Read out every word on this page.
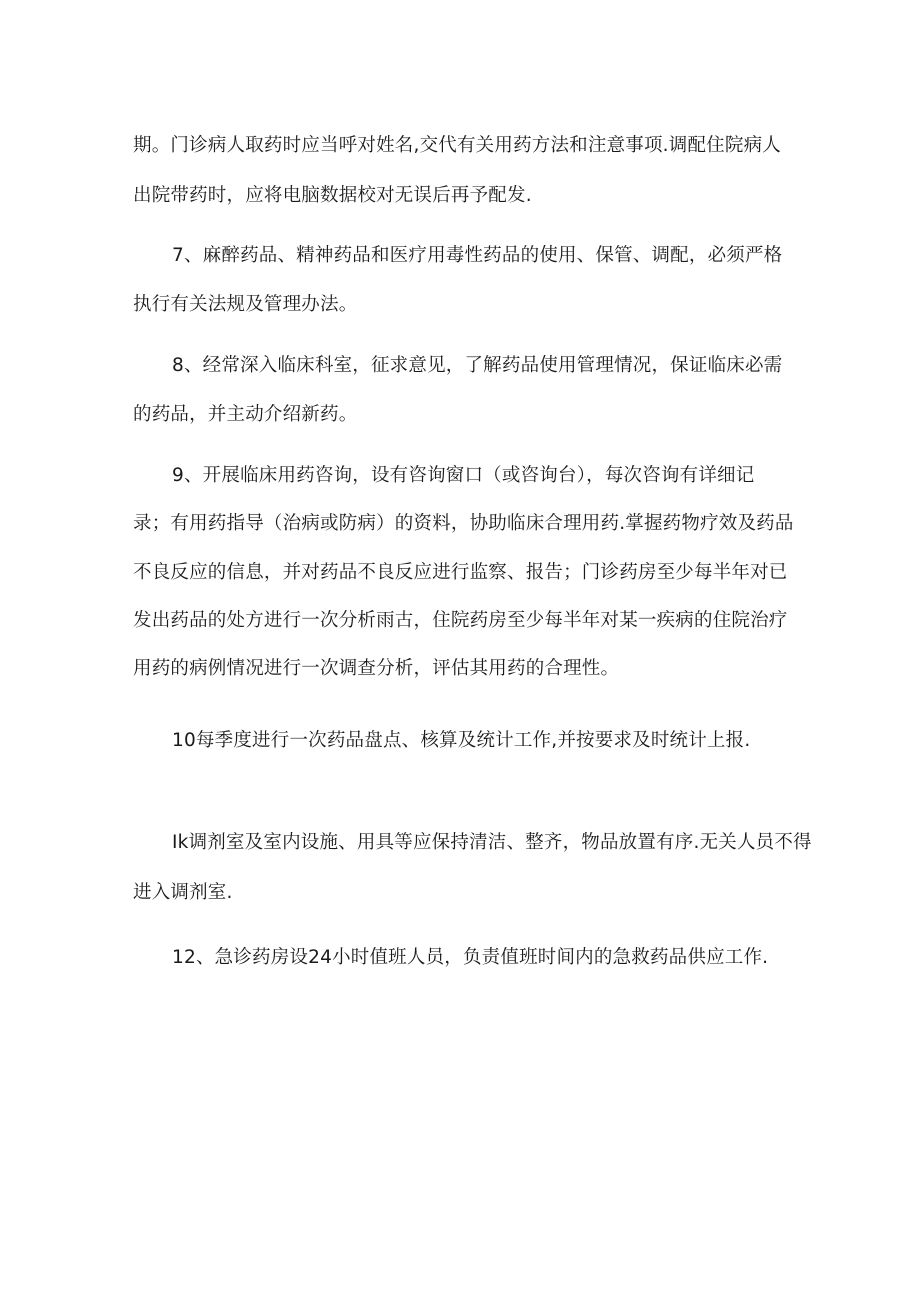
期。门诊病人取药时应当呼对姓名,交代有关用药方法和注意事项.调配住院病人
出院带药时，应将电脑数据校对无误后再予配发.
7、麻醉药品、精神药品和医疗用毒性药品的使用、保管、调配，必须严格
执行有关法规及管理办法。
8、经常深入临床科室，征求意见，了解药品使用管理情况，保证临床必需
的药品，并主动介绍新药。
9、开展临床用药咨询，设有咨询窗口（或咨询台），每次咨询有详细记
录；有用药指导（治病或防病）的资料，协助临床合理用药.掌握药物疗效及药品
不良反应的信息，并对药品不良反应进行监察、报告；门诊药房至少每半年对已
发出药品的处方进行一次分析雨古，住院药房至少每半年对某一疾病的住院治疗
用药的病例情况进行一次调查分析，评估其用药的合理性。
10每季度进行一次药品盘点、核算及统计工作,并按要求及时统计上报.
Ik调剂室及室内设施、用具等应保持清洁、整齐，物品放置有序.无关人员不得
进入调剂室.
12、急诊药房设24小时值班人员，负责值班时间内的急救药品供应工作.
